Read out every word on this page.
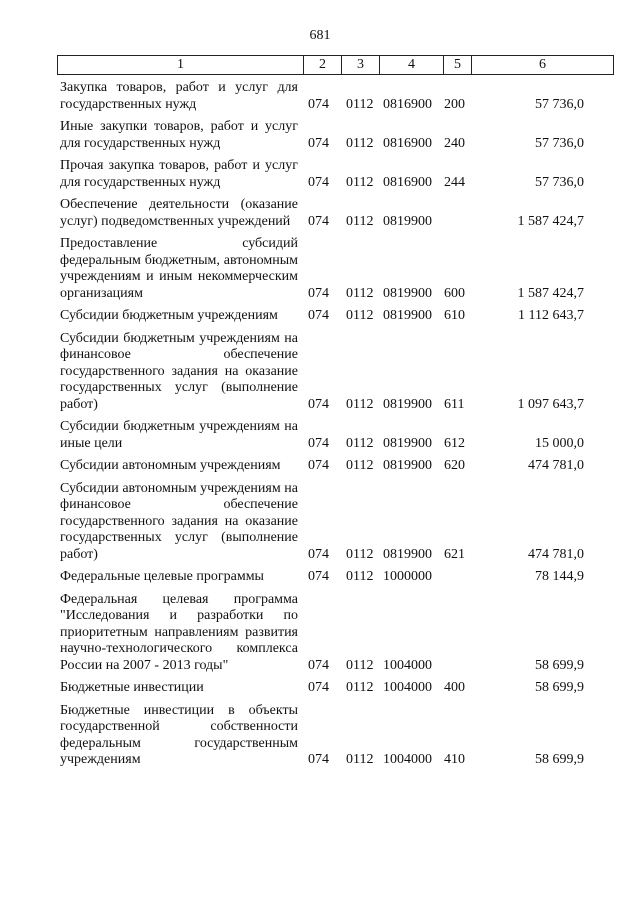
681
1	2	3	4	5	6
Закупка товаров, работ и услуг для государственных нужд	074 0112 0816900 200	57 736,0
Иные закупки товаров, работ и услуг для государственных нужд	074 0112 0816900 240	57 736,0
Прочая закупка товаров, работ и услуг для государственных нужд	074 0112 0816900 244	57 736,0
Обеспечение деятельности (оказание услуг) подведомственных учреждений	074 0112 0819900	1 587 424,7
Предоставление субсидий федеральным бюджетным, автономным учреждениям и иным некоммерческим организациям	074 0112 0819900 600	1 587 424,7
Субсидии бюджетным учреждениям	074 0112 0819900 610	1 112 643,7
Субсидии бюджетным учреждениям на финансовое обеспечение государственного задания на оказание государственных услуг (выполнение работ)	074 0112 0819900 611	1 097 643,7
Субсидии бюджетным учреждениям на иные цели	074 0112 0819900 612	15 000,0
Субсидии автономным учреждениям	074 0112 0819900 620	474 781,0
Субсидии автономным учреждениям на финансовое обеспечение государственного задания на оказание государственных услуг (выполнение работ)	074 0112 0819900 621	474 781,0
Федеральные целевые программы	074 0112 1000000	78 144,9
Федеральная целевая программа "Исследования и разработки по приоритетным направлениям развития научно-технологического комплекса России на 2007 - 2013 годы"	074 0112 1004000	58 699,9
Бюджетные инвестиции	074 0112 1004000 400	58 699,9
Бюджетные инвестиции в объекты государственной собственности федеральным государственным учреждениям	074 0112 1004000 410	58 699,9
